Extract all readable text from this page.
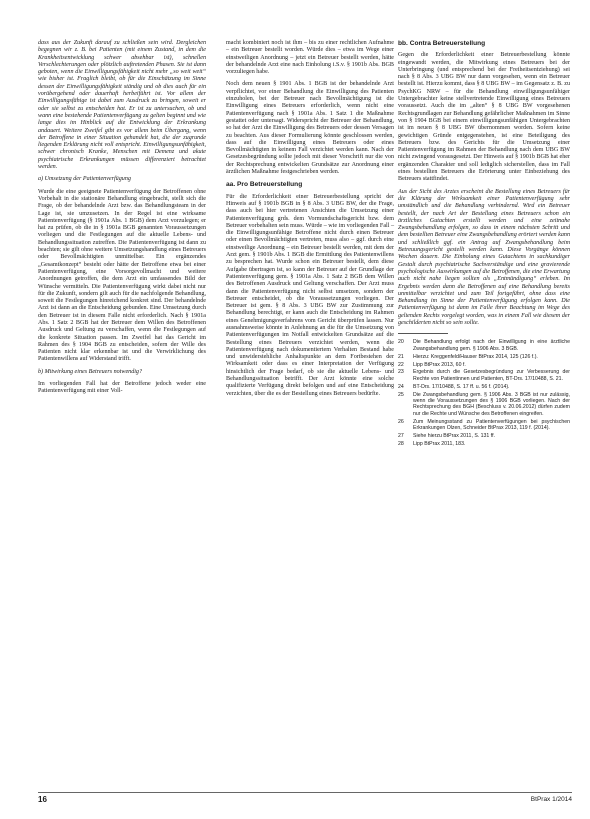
dass aus der Zukunft darauf zu schließen sein wird. Dergleichen begegnen wir z. B. bei Patienten (mit einem Zustand, in dem die Krankheitsentwicklung schwer absehbar ist), schnellen Verschlechterungen oder plötzlich auftretenden Phasen. Sie ist dann geboten, wenn die Einwilligungsfähigkeit nicht mehr „so weit weit“ wie bisher ist. Fraglich bleibt, ob für die Einschätzung im Sinne dessen der Einwilligungsfähigkeit ständig und ob dies auch für ein vorübergehend oder dauerhaft herbeiführt ist. Vor allem der Einwilligungsfähige ist dabei zum Ausdruck zu bringen, soweit er oder sie selbst zu entscheiden hat. Er ist zu untersuchen, ob und wann eine bestehende Patientenverfügung zu gelten beginnt und wie lange dies im Hinblick auf die Entwicklung der Erkrankung andauert. Weitere Zweifel gibt es vor allem beim Übergang, wenn der Betroffene in einer Situation gehandelt hat, die der zugrunde liegenden Erklärung nicht voll entspricht. Einwilligungsunfähigkeit, schwer chronisch Kranke, Menschen mit Demenz und akute psychiatrische Erkrankungen müssen differenziert betrachtet werden.

a) Umsetzung der Patientenverfügung

Wurde die eine geeignete Patientenverfügung der Betroffenen ohne Vorbehalt in die stationäre Behandlung eingebracht, stellt sich die Frage, ob der behandelnde Arzt bzw. das Behandlungsteam in der Lage ist, sie umzusetzen. In der Regel ist eine wirksame Patientenverfügung (§ 1901a Abs. 1 BGB) dem Arzt vorzulegen; er hat zu prüfen, ob die in § 1901a BGB genannten Voraussetzungen vorliegen und die Festlegungen auf die aktuelle Lebens- und Behandlungssituation zutreffen. Die Patientenverfügung ist dann zu beachten; sie gilt ohne weitere Umsetzungshandlung eines Betreuers oder Bevollmächtigten unmittelbar. Ein ergänzendes „Gesamtkonzept“ besteht oder hätte der Betroffene etwa bei einer Patientenverfügung, eine Vorsorgevollmacht und weitere Anordnungen getroffen, die dem Arzt ein umfassendes Bild der Wünsche vermitteln. Die Patientenverfügung wirkt dabei nicht nur für die Zukunft, sondern gilt auch für die nachfolgende Behandlung, soweit die Festlegungen hinreichend konkret sind. Der behandelnde Arzt ist dann an die Entscheidung gebunden. Eine Umsetzung durch den Betreuer ist in diesem Falle nicht erforderlich. Nach § 1901a Abs. 1 Satz 2 BGB hat der Betreuer dem Willen des Betroffenen Ausdruck und Geltung zu verschaffen, wenn die Festlegungen auf die konkrete Situation passen. Im Zweifel hat das Gericht im Rahmen des § 1904 BGB zu entscheiden, sofern der Wille des Patienten nicht klar erkennbar ist und die Verwirklichung des Patientenwillens auf Widerstand trifft.

b) Mitwirkung eines Betreuers notwendig?

Im vorliegenden Fall hat der Betroffene jedoch weder eine Patientenverfügung mit einer Voll-

macht kombiniert noch ist ihm – bis zu einer rechtlichen Aufnahme – ein Betreuer bestellt worden. Würde dies – etwa im Wege einer einstweiligen Anordnung – jetzt ein Betreuer bestellt werden, hätte der behandelnde Arzt eine nach Einholung i.S.v. § 1901b Abs. BGB vorzuliegen habe.

Noch dem neuen § 1901 Abs. 1 BGB ist der behandelnde Arzt verpflichtet, vor einer Behandlung die Einwilligung des Patienten einzuholen, bei der Betreuer nach Bevollmächtigung ist die Einwilligung eines Betreuers erforderlich, wenn nicht eine Patientenverfügung nach § 1901a Abs. 1 Satz 1 die Maßnahme gestattet oder untersagt. Widerspricht der Betreuer der Behandlung, so hat der Arzt die Einwilligung des Betreuers oder dessen Versagen zu beachten. Aus dieser Formulierung könnte geschlossen werden, dass auf die Einwilligung eines Betreuers oder eines Bevollmächtigten in keinem Fall verzichtet werden kann. Nach der Gesetzesbegründung sollte jedoch mit dieser Vorschrift nur die von der Rechtsprechung entwickelten Grundsätze zur Anordnung einer ärztlichen Maßnahme festgeschrieben werden.

aa. Pro Betreuerstellung

Für die Erforderlichkeit einer Betreuerbestellung spricht der Hinweis auf § 1901b BGB in § 8 Abs. 3 UBG BW, der die Frage, dass auch bei hier vertretenen Ansichten die Umsetzung einer Patientenverfügung grds. dem Vormundschaftsgericht bzw. dem Betreuer vorbehalten sein muss. Würde – wie im vorliegenden Fall – die Einwilligungsunfähige Betroffene nicht durch einen Betreuer oder einen Bevollmächtigten vertreten, muss also – ggf. durch eine einstweilige Anordnung – ein Betreuer bestellt werden, mit dem der Arzt gem. § 1901b Abs. 1 BGB die Ermittlung des Patientenwillens zu besprechen hat. Wurde schon ein Betreuer bestellt, dem diese Aufgabe übertragen ist, so kann der Betreuer auf der Grundlage der Patientenverfügung gem. § 1901a Abs. 1 Satz 2 BGB dem Willen des Betroffenen Ausdruck und Geltung verschaffen. Der Arzt muss dann die Patientenverfügung nicht selbst umsetzen, sondern der Betreuer entscheidet, ob die Voraussetzungen vorliegen. Der Betreuer ist gem. § 8 Abs. 3 UBG BW zur Zustimmung zur Behandlung berechtigt, er kann auch die Entscheidung im Rahmen eines Genehmigungsverfahrens vom Gericht überprüfen lassen. Nur ausnahmsweise könnte in Anlehnung an die für die Umsetzung von Patientenverfügungen im Notfall entwickelten Grundsätze auf die Bestellung eines Betreuers verzichtet werden, wenn die Patientenverfügung nach dokumentiertem Verhalten Bestand habe und unwiderstehliche Anhaltspunkte an dem Fortbestehen der Wirksamkeit oder dass es einer Interpretation der Verfügung hinsichtlich der Frage bedarf, ob sie die aktuelle Lebens- und Behandlungssituation betrifft. Der Arzt könnte eine solche qualifizierte Verfügung direkt befolgen und auf eine Entscheidung verzichten, über die es der Bestellung eines Betreuers bedürfte.

bb. Contra Betreuerstellung

Gegen die Erforderlichkeit einer Betreuerbestellung könnte eingewandt werden, die Mitwirkung eines Betreuers bei der Unterbringung (und entsprechend bei der Freiheitsentziehung) sei nach § 8 Abs. 3 UBG BW nur dann vorgesehen, wenn ein Betreuer bestellt ist. Hierzu kommt, dass § 8 UBG BW – im Gegensatz z. B. zu PsychKG NRW – für die Behandlung einwilligungsunfähiger Untergebrachter keine stellvertretende Einwilligung eines Betreuers voraussetzt. Auch die im „alten“ § 8 UBG BW vorgesehenen Rechtsgrundlagen zur Behandlung gefährlicher Maßnahmen im Sinne von § 1904 BGB bei einem einwilligungsunfähigen Untergebrachten ist im neuen § 8 UBG BW übernommen worden. Sofern keine gewichtigen Gründe entgegenstehen, ist eine Beteiligung des Betreuers bzw. des Gerichts für die Umsetzung einer Patientenverfügung im Rahmen der Behandlung nach dem UBG BW nicht zwingend vorausgesetzt. Der Hinweis auf § 1901b BGB hat eher ergänzenden Charakter und soll lediglich sicherstellen, dass im Fall eines bestellten Betreuers die Erörterung unter Einbeziehung des Betreuers stattfindet.

Aus der Sicht des Arztes erscheint die Bestellung eines Betreuers für die Klärung der Wirksamkeit einer Patientenverfügung sehr umständlich und die Behandlung verhindernd. Wird ein Betreuer bestellt, der nach Art der Bestellung eines Betreuers schon ein ärztliches Gutachten erstellt werden und eine zeitnahe Zwangsbehandlung erfolgen, so dass in einem nächsten Schritt und dem bestellten Betreuer eine Zwangsbehandlung erörtert werden kann und schließlich ggf. ein Antrag auf Zwangsbehandlung beim Betreuungsgericht gestellt werden kann. Diese Vorgänge können Wochen dauern. Die Einholung eines Gutachtens in sachkundiger Gestalt durch psychiatrische Sachverständige und eine gravierende psychologische Auswirkungen auf die Betroffenen, die eine Erwartung auch nicht nahe liegen sollten als „Entmündigung“ erleben. Im Ergebnis werden dann die Betroffenen auf eine Behandlung bereits unmittelbar verzichtet und zum Teil fortgeführt, ohne dass eine Behandlung im Sinne der Patientenverfügung erfolgen kann. Die Patientenverfügung ist dann im Falle ihrer Beachtung im Wege des geltenden Rechts vorgelegt worden, was in einem Fall wie diesem der geschilderten nicht so sein sollte.

20	Die Behandlung erfolgt nach der Einwilligung in eine ärztliche Zwangsbehandlung gem. § 1906 Abs. 3 BGB.
21	Hierzu: Kreggenfeld/Hauser BtPrax 2014, 125 (126 f.).
22	Lipp BtPrax 2013, 60 f.
23	Ergebnis durch die Gesetzesbegründung zur Verbesserung der Rechte von Patientinnen und Patienten, BT-Drs. 17/10488, S. 21.
24	BT-Drs. 17/10488, S. 17 ff. u. 56 f. (2014).
25	Die Zwangsbehandlung gem. § 1906 Abs. 3 BGB ist nur zulässig, wenn die Voraussetzungen des § 1906 BGB vorliegen. Nach der Rechtsprechung des BGH (Beschluss v. 20.06.2012) dürfen zudem nur die Rechte und Wünsche des Betroffenen eingreifen.
26	Zum Meinungsstand zu Patientenverfügungen bei psychischen Erkrankungen Olzen, Schneider BtPrax 2013, 119 f. (2014).
27	Siehe hierzu BtPrax 2011, S. 131 ff.
28	Lipp BtPrax 2011, 183.
16	BtPrax 1/2014
